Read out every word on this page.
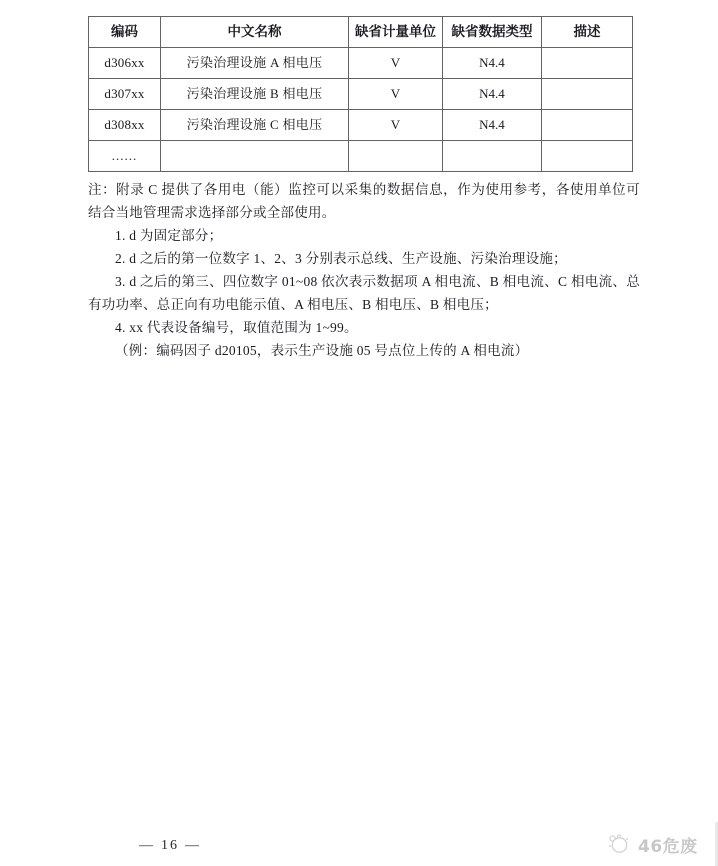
编码	中文名称	缺省计量单位	缺省数据类型	描述
d306xx	污染治理设施 A 相电压	V	N4.4	
d307xx	污染治理设施 B 相电压	V	N4.4	
d308xx	污染治理设施 C 相电压	V	N4.4	
......				

注：附录 C 提供了各用电（能）监控可以采集的数据信息，作为使用参考，各使用单位可结合当地管理需求选择部分或全部使用。

1. d 为固定部分；

2. d 之后的第一位数字 1、2、3 分别表示总线、生产设施、污染治理设施；

3. d 之后的第三、四位数字 01~08 依次表示数据项 A 相电流、B 相电流、C 相电流、总有功功率、总正向有功电能示值、A 相电压、B 相电压、B 相电压；

4. xx 代表设备编号，取值范围为 1~99。

（例：编码因子 d20105，表示生产设施 05 号点位上传的 A 相电流）

— 16 —	46危废
